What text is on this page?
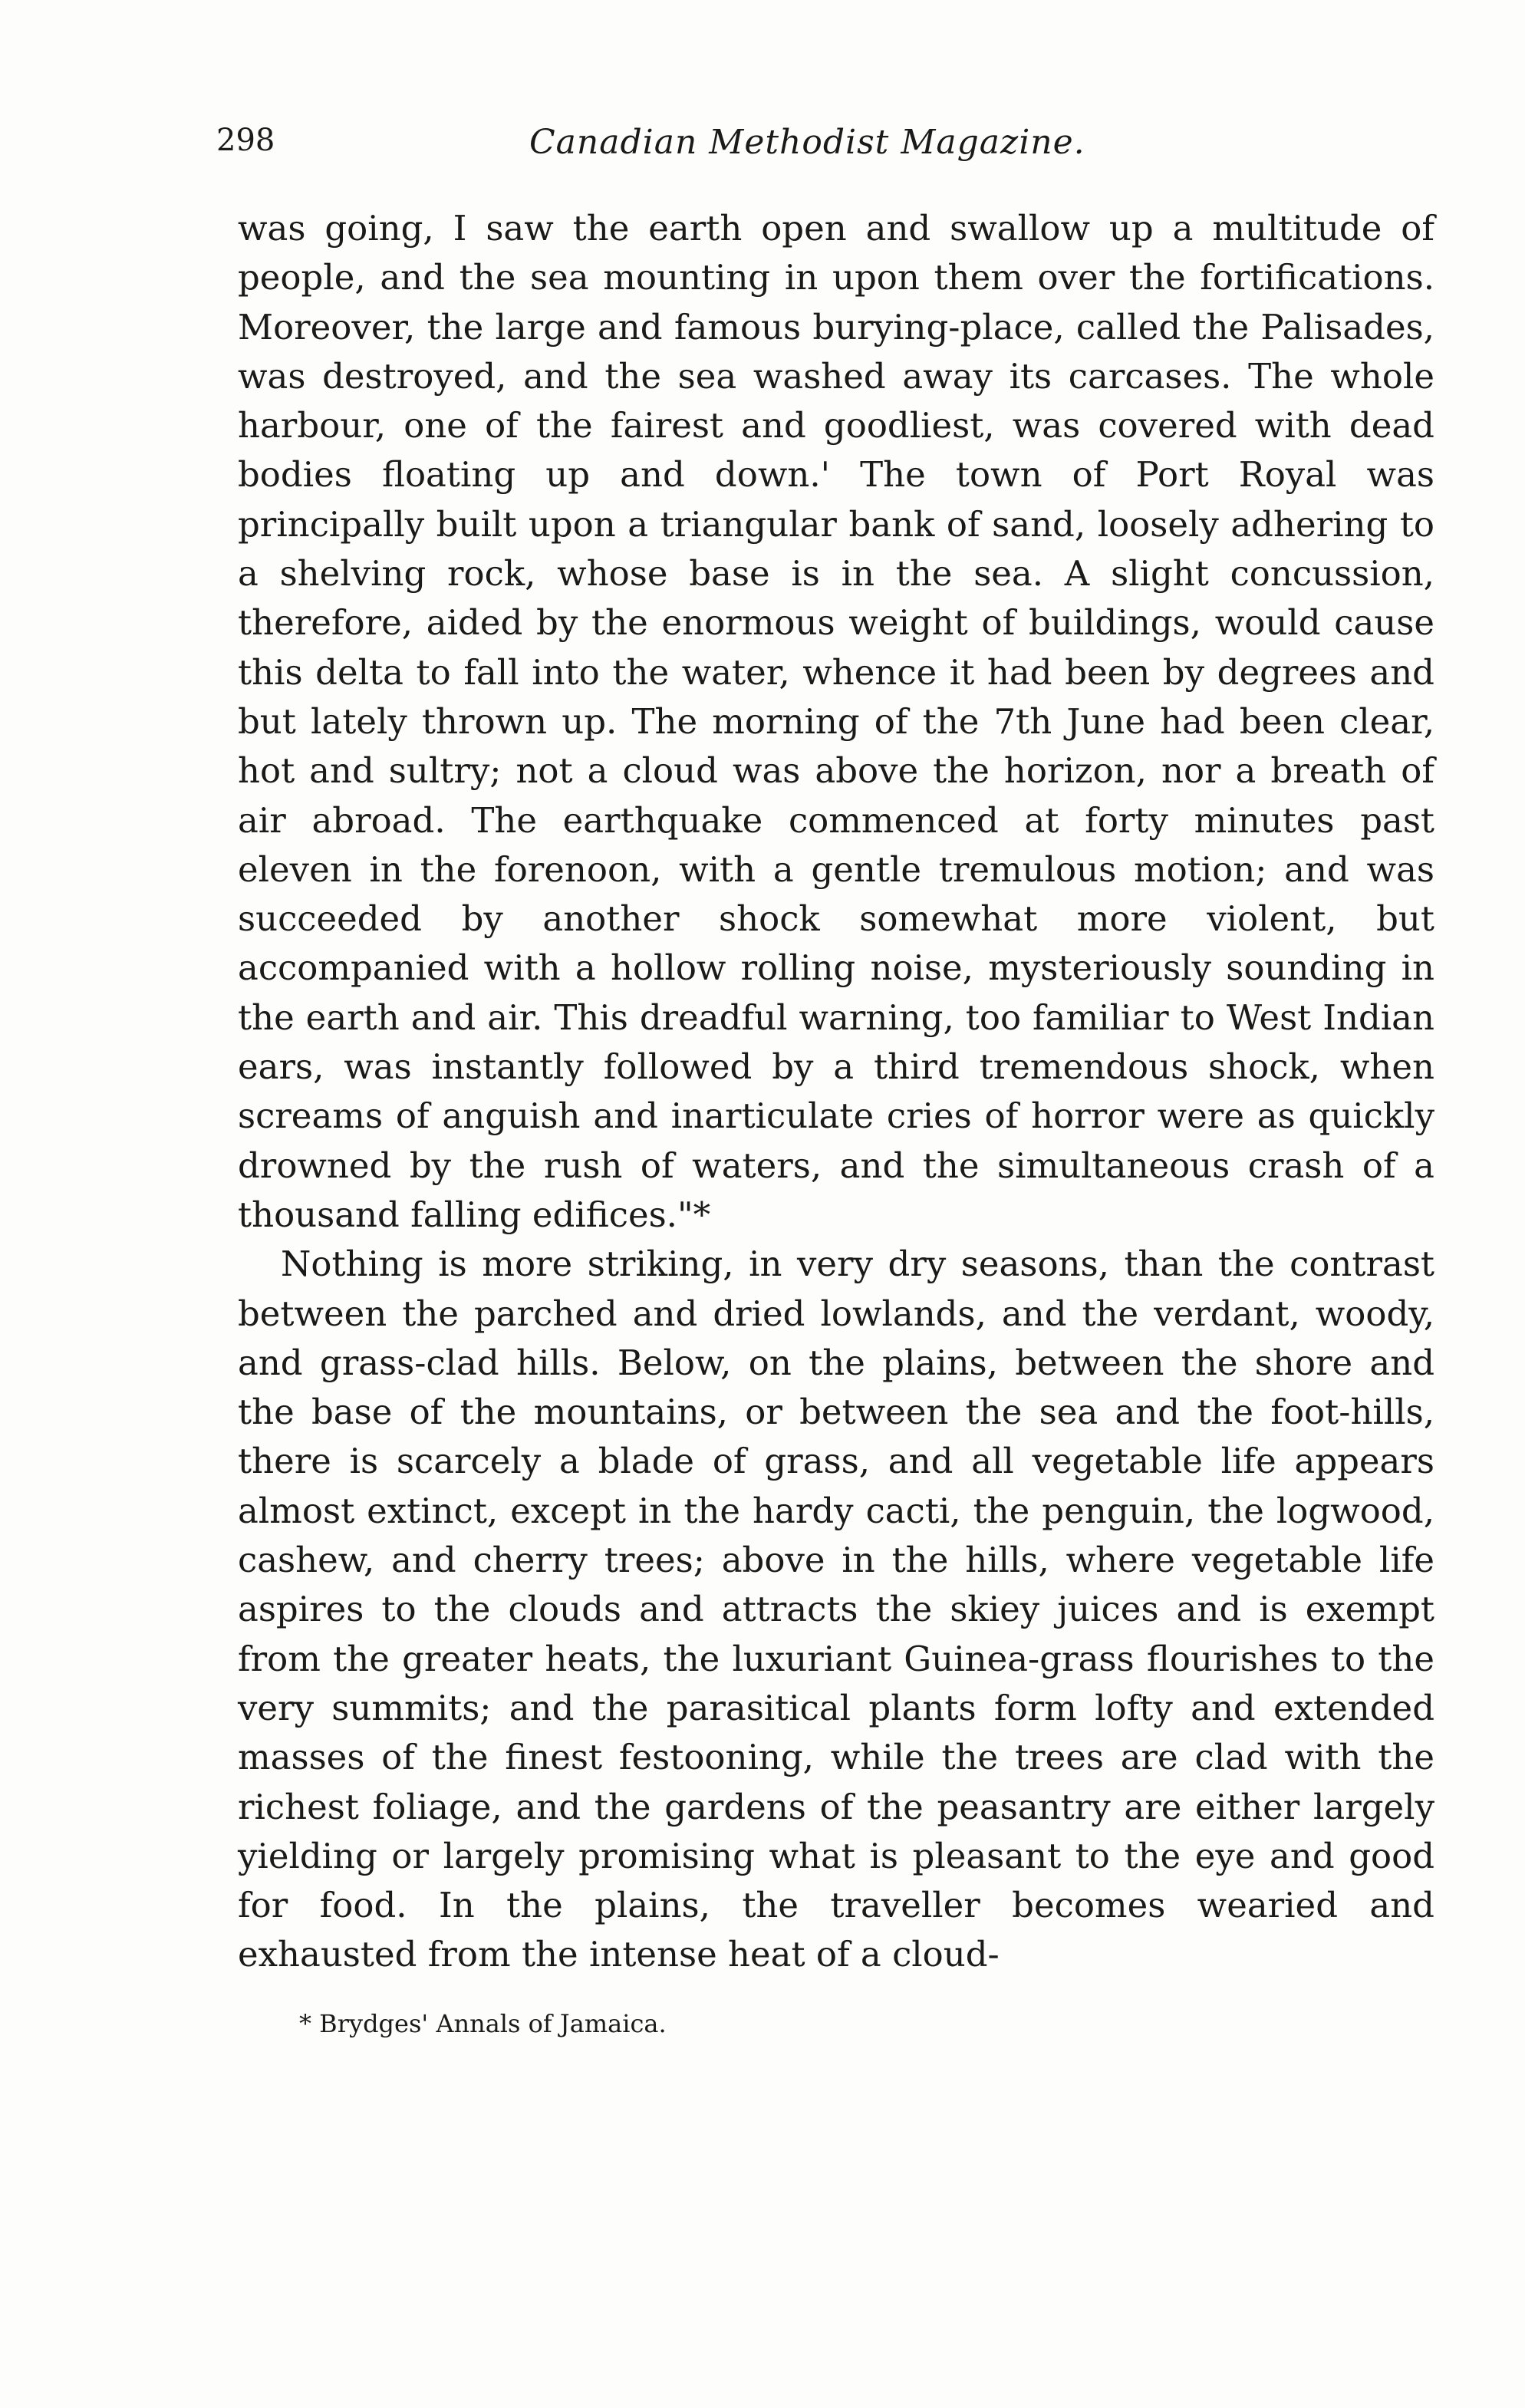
298	Canadian Methodist Magazine.

was going, I saw the earth open and swallow up a multitude of people, and the sea mounting in upon them over the fortifications. Moreover, the large and famous burying-place, called the Palisades, was destroyed, and the sea washed away its carcases. The whole harbour, one of the fairest and goodliest, was covered with dead bodies floating up and down.' The town of Port Royal was principally built upon a triangular bank of sand, loosely adhering to a shelving rock, whose base is in the sea. A slight concussion, therefore, aided by the enormous weight of buildings, would cause this delta to fall into the water, whence it had been by degrees and but lately thrown up. The morning of the 7th June had been clear, hot and sultry; not a cloud was above the horizon, nor a breath of air abroad. The earthquake commenced at forty minutes past eleven in the forenoon, with a gentle tremulous motion; and was succeeded by another shock somewhat more violent, but accompanied with a hollow rolling noise, mysteriously sounding in the earth and air. This dreadful warning, too familiar to West Indian ears, was instantly followed by a third tremendous shock, when screams of anguish and inarticulate cries of horror were as quickly drowned by the rush of waters, and the simultaneous crash of a thousand falling edifices."*

Nothing is more striking, in very dry seasons, than the contrast between the parched and dried lowlands, and the verdant, woody, and grass-clad hills. Below, on the plains, between the shore and the base of the mountains, or between the sea and the foot-hills, there is scarcely a blade of grass, and all vegetable life appears almost extinct, except in the hardy cacti, the penguin, the logwood, cashew, and cherry trees; above in the hills, where vegetable life aspires to the clouds and attracts the skiey juices and is exempt from the greater heats, the luxuriant Guinea-grass flourishes to the very summits; and the parasitical plants form lofty and extended masses of the finest festooning, while the trees are clad with the richest foliage, and the gardens of the peasantry are either largely yielding or largely promising what is pleasant to the eye and good for food. In the plains, the traveller becomes wearied and exhausted from the intense heat of a cloud-

* Brydges' Annals of Jamaica.
